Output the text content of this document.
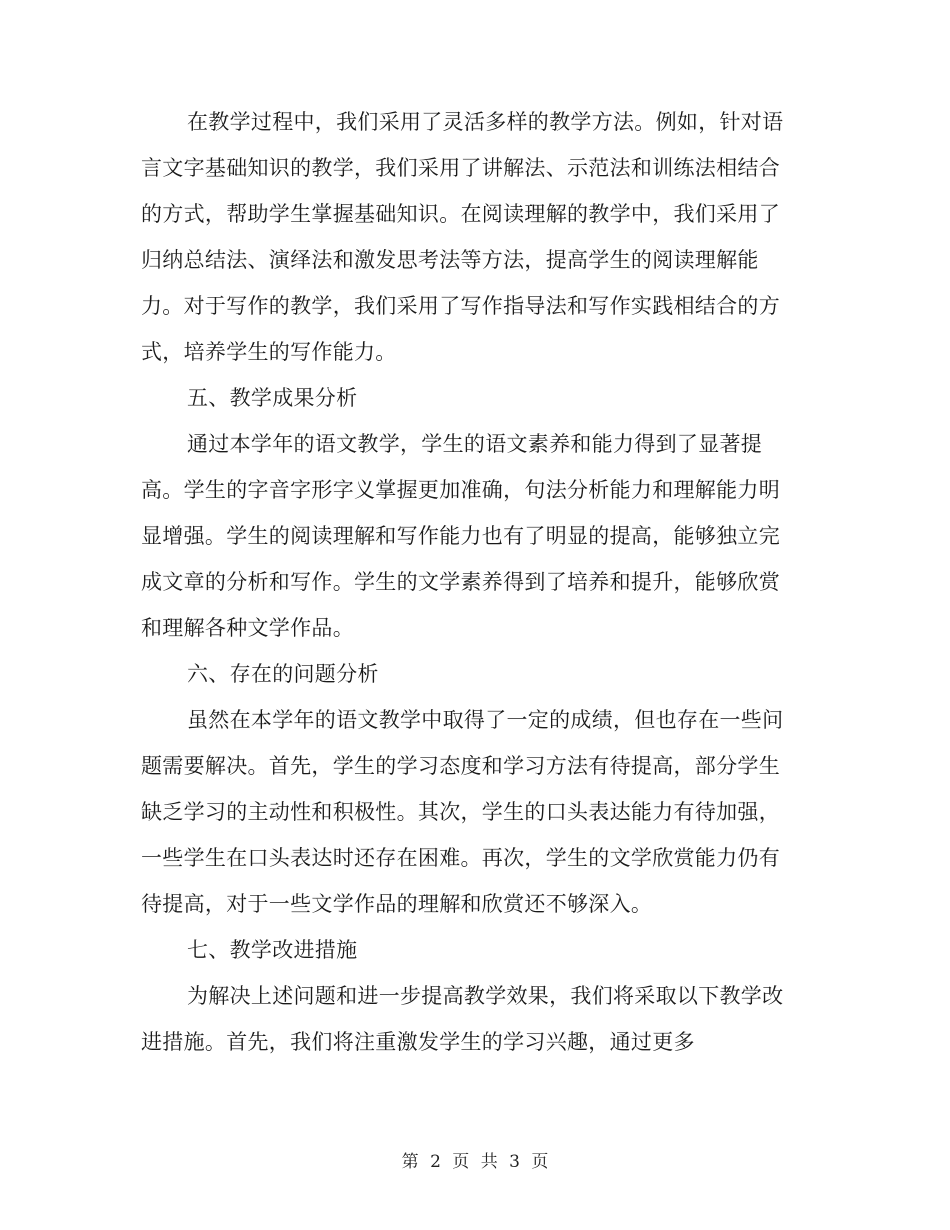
在教学过程中，我们采用了灵活多样的教学方法。例如，针对语言文字基础知识的教学，我们采用了讲解法、示范法和训练法相结合的方式，帮助学生掌握基础知识。在阅读理解的教学中，我们采用了归纳总结法、演绎法和激发思考法等方法，提高学生的阅读理解能力。对于写作的教学，我们采用了写作指导法和写作实践相结合的方式，培养学生的写作能力。

五、教学成果分析

通过本学年的语文教学，学生的语文素养和能力得到了显著提高。学生的字音字形字义掌握更加准确，句法分析能力和理解能力明显增强。学生的阅读理解和写作能力也有了明显的提高，能够独立完成文章的分析和写作。学生的文学素养得到了培养和提升，能够欣赏和理解各种文学作品。

六、存在的问题分析

虽然在本学年的语文教学中取得了一定的成绩，但也存在一些问题需要解决。首先，学生的学习态度和学习方法有待提高，部分学生缺乏学习的主动性和积极性。其次，学生的口头表达能力有待加强，一些学生在口头表达时还存在困难。再次，学生的文学欣赏能力仍有待提高，对于一些文学作品的理解和欣赏还不够深入。

七、教学改进措施

为解决上述问题和进一步提高教学效果，我们将采取以下教学改进措施。首先，我们将注重激发学生的学习兴趣，通过更多

第 2 页 共 3 页
